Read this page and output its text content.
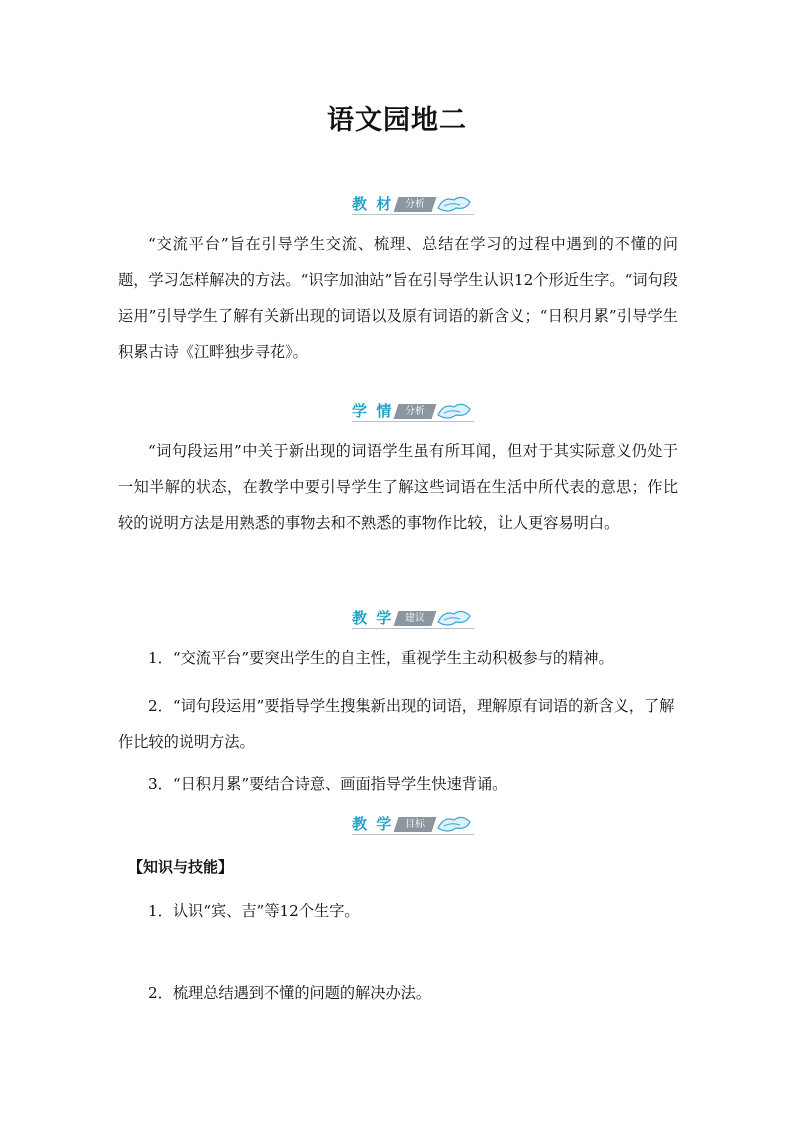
语文园地二
教 材	分析

“交流平台”旨在引导学生交流、梳理、总结在学习的过程中遇到的不懂的问题，学习怎样解决的方法。“识字加油站”旨在引导学生认识12个形近生字。“词句段运用”引导学生了解有关新出现的词语以及原有词语的新含义；“日积月累”引导学生积累古诗《江畔独步寻花》。

学 情	分析

“词句段运用”中关于新出现的词语学生虽有所耳闻，但对于其实际意义仍处于一知半解的状态，在教学中要引导学生了解这些词语在生活中所代表的意思；作比较的说明方法是用熟悉的事物去和不熟悉的事物作比较，让人更容易明白。

教 学	建议

1．“交流平台”要突出学生的自主性，重视学生主动积极参与的精神。

2．“词句段运用”要指导学生搜集新出现的词语，理解原有词语的新含义，了解作比较的说明方法。

3．“日积月累”要结合诗意、画面指导学生快速背诵。

教 学	目标
【知识与技能】

1．认识“宾、吉”等12个生字。

2．梳理总结遇到不懂的问题的解决办法。
